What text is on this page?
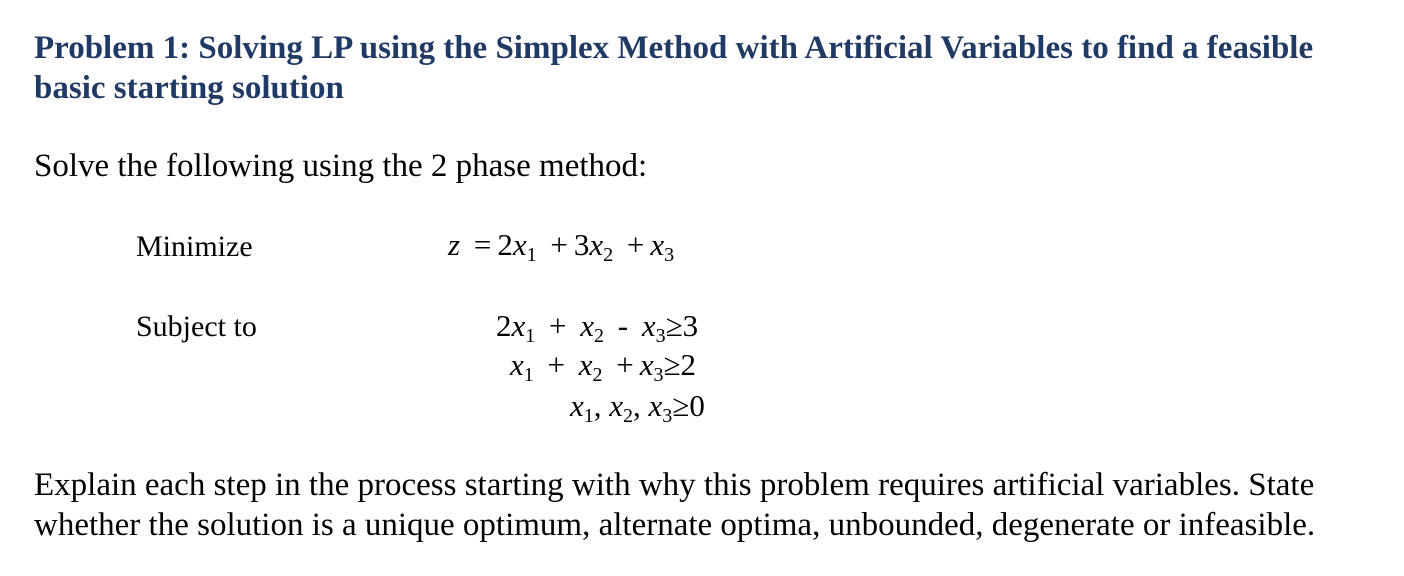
Problem 1: Solving LP using the Simplex Method with Artificial Variables to find a feasible
basic starting solution
Solve the following using the 2 phase method:
Minimize	$z = 2x_1 + 3x_2 + x_3$
Subject to	$2x_1 + x_2 - x_3\ge 3$
$x_1 + x_2 + x_3\ge 2$
$x_1$, $x_2$, $x_3\ge 0$
Explain each step in the process starting with why this problem requires artificial variables. State
whether the solution is a unique optimum, alternate optima, unbounded, degenerate or infeasible.
